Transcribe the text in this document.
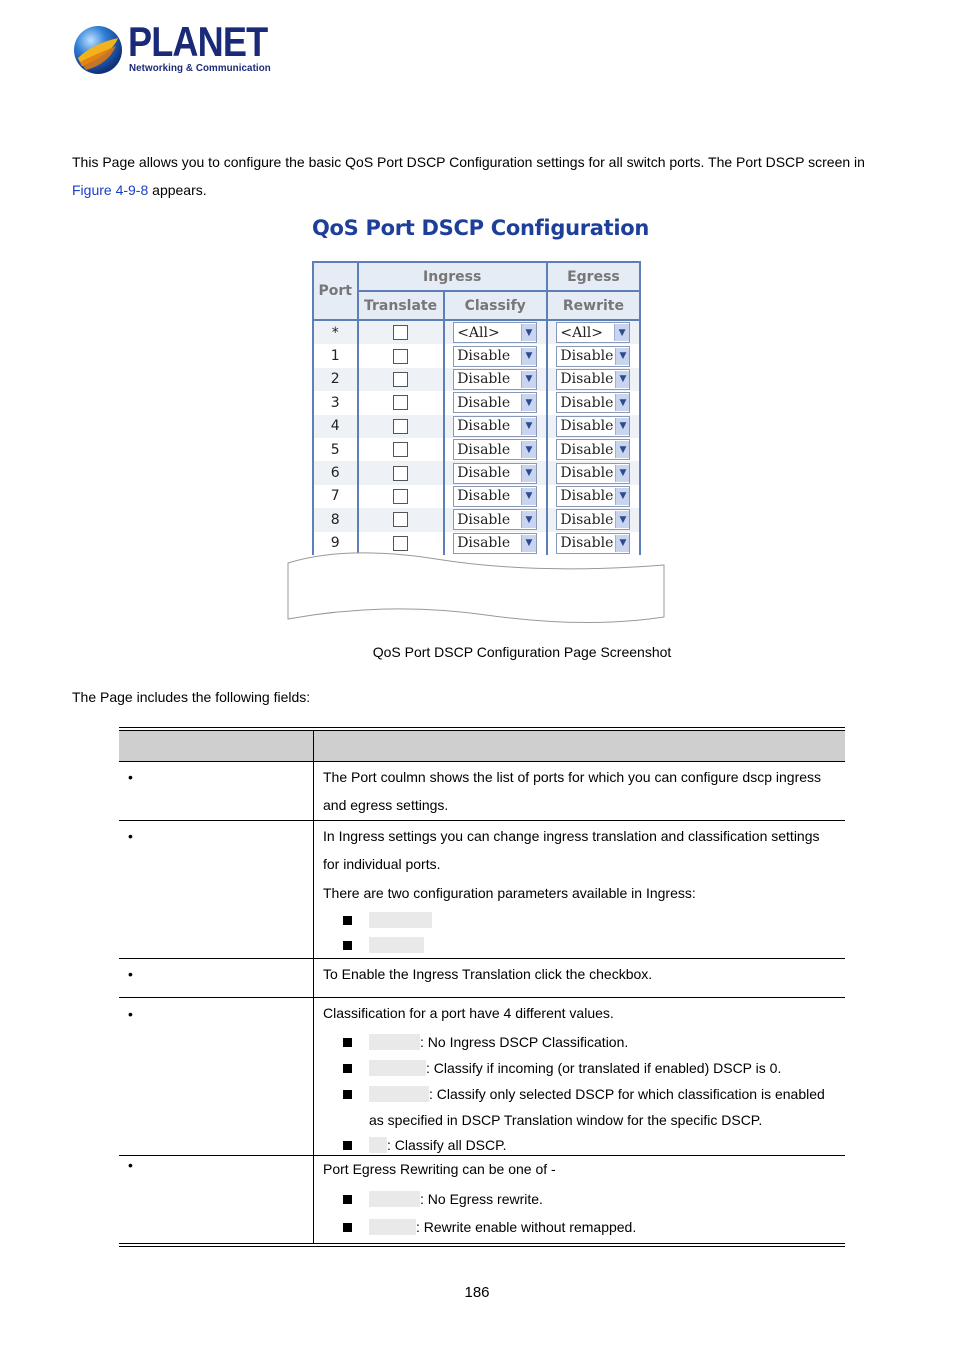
PLANET
Networking & Communication
This Page allows you to configure the basic QoS Port DSCP Configuration settings for all switch ports. The Port DSCP screen in
Figure 4-9-8 appears.
QoS Port DSCP Configuration
Port	Ingress		Egress
	Translate	Classify	Rewrite
*		<All> ▼	<All> ▼

1		Disable ▼	Disable ▼

2		Disable ▼	Disable ▼

3		Disable ▼	Disable ▼

4		Disable ▼	Disable ▼

5		Disable ▼	Disable ▼

6		Disable ▼	Disable ▼

7		Disable ▼	Disable ▼

8		Disable ▼	Disable ▼

9		Disable ▼	Disable ▼
QoS Port DSCP Configuration Page Screenshot
The Page includes the following fields:
•	The Port coulmn shows the list of ports for which you can configure dscp ingress
and egress settings.
•	In Ingress settings you can change ingress translation and classification settings
for individual ports.
There are two configuration parameters available in Ingress:
•	To Enable the Ingress Translation click the checkbox.
•	Classification for a port have 4 different values.
: No Ingress DSCP Classification.
: Classify if incoming (or translated if enabled) DSCP is 0.
: Classify only selected DSCP for which classification is enabled
as specified in DSCP Translation window for the specific DSCP.
: Classify all DSCP.
•	Port Egress Rewriting can be one of -
: No Egress rewrite.
: Rewrite enable without remapped.
186
